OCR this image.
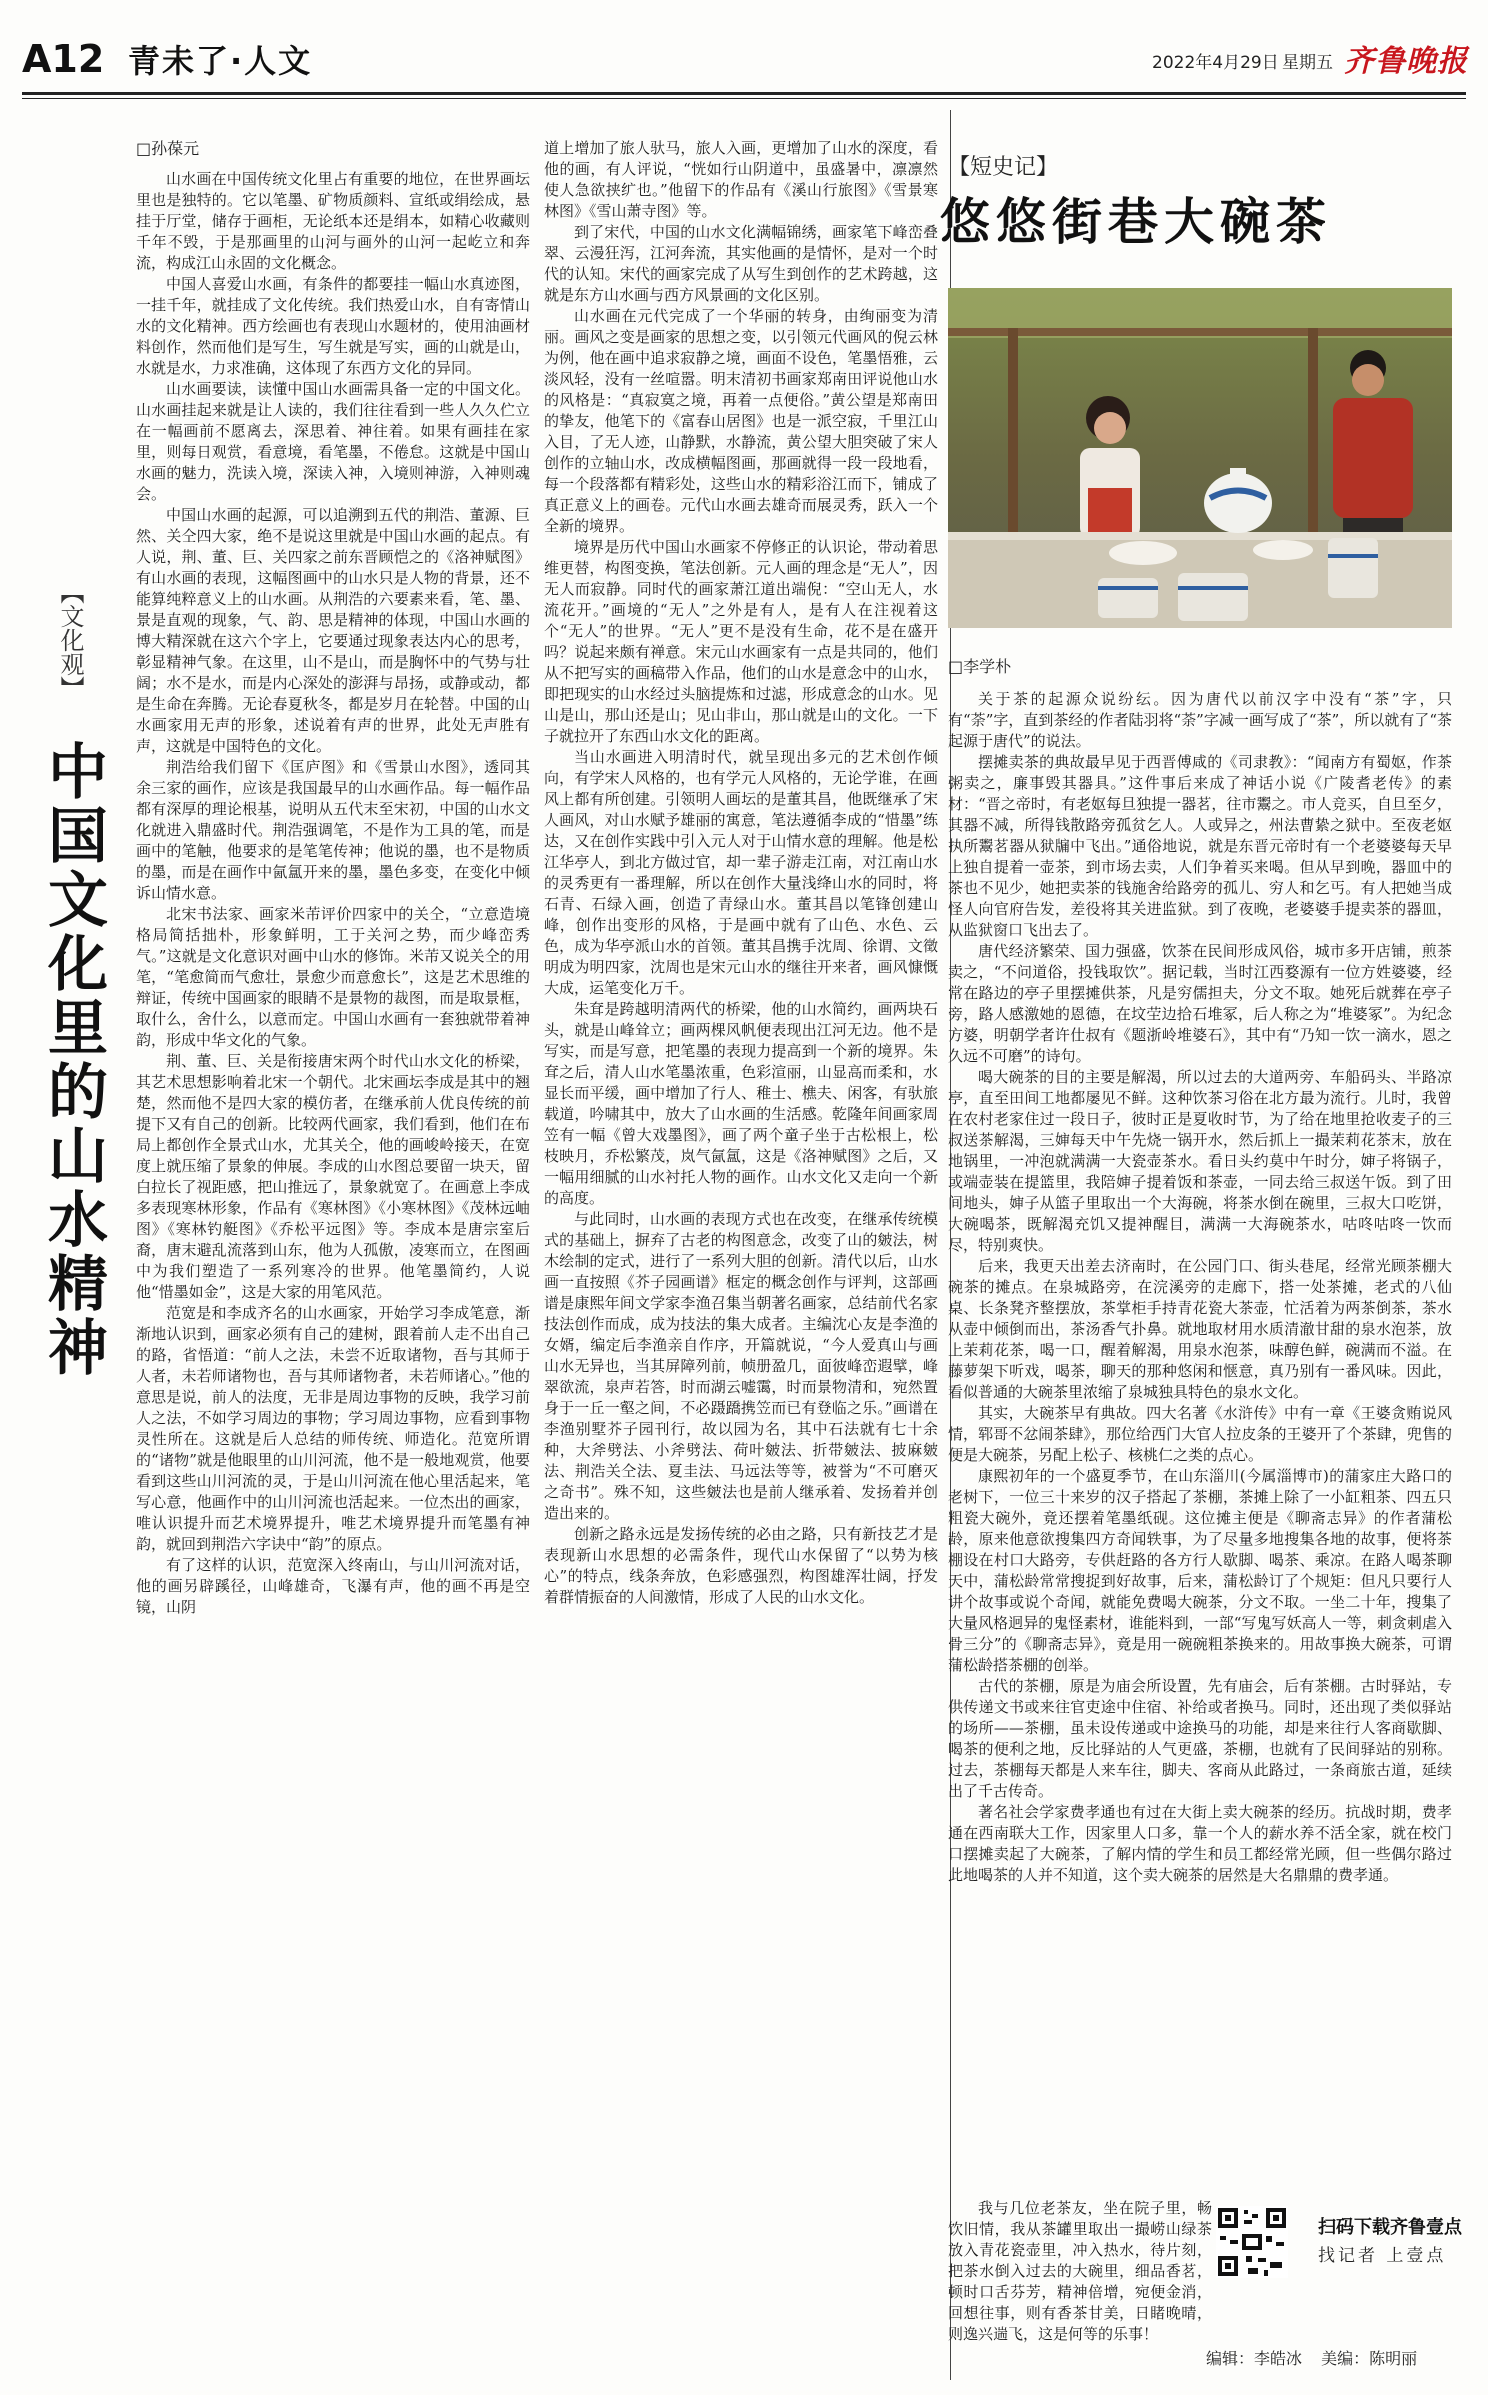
A12 青未了·人文	2022年4月29日 星期五 齐鲁晚报
【文化观】
中国文化里的山水精神

□孙葆元

山水画在中国传统文化里占有重要的地位，在世界画坛里也是独特的。它以笔墨、矿物质颜料、宣纸或绢绘成，悬挂于厅堂，储存于画柜，无论纸本还是绢本，如精心收藏则千年不毁，于是那画里的山河与画外的山河一起屹立和奔流，构成江山永固的文化概念。

中国人喜爱山水画，有条件的都要挂一幅山水真迹图，一挂千年，就挂成了文化传统。我们热爱山水，自有寄情山水的文化精神。西方绘画也有表现山水题材的，使用油画材料创作，然而他们是写生，写生就是写实，画的山就是山，水就是水，力求准确，这体现了东西方文化的异同。

山水画要读，读懂中国山水画需具备一定的中国文化。山水画挂起来就是让人读的，我们往往看到一些人久久伫立在一幅画前不愿离去，深思着、神往着。如果有画挂在家里，则每日观赏，看意境，看笔墨，不倦怠。这就是中国山水画的魅力，洗读入境，深读入神，入境则神游，入神则魂会。

中国山水画的起源，可以追溯到五代的荆浩、董源、巨然、关仝四大家，绝不是说这里就是中国山水画的起点。有人说，荆、董、巨、关四家之前东晋顾恺之的《洛神赋图》有山水画的表现，这幅图画中的山水只是人物的背景，还不能算纯粹意义上的山水画。从荆浩的六要素来看，笔、墨、景是直观的现象，气、韵、思是精神的体现，中国山水画的博大精深就在这六个字上，它要通过现象表达内心的思考，彰显精神气象。在这里，山不是山，而是胸怀中的气势与壮阔；水不是水，而是内心深处的澎湃与昂扬，或静或动，都是生命在奔腾。无论春夏秋冬，都是岁月在轮替。中国的山水画家用无声的形象，述说着有声的世界，此处无声胜有声，这就是中国特色的文化。

荆浩给我们留下《匡庐图》和《雪景山水图》，透同其余三家的画作，应该是我国最早的山水画作品。每一幅作品都有深厚的理论根基，说明从五代末至宋初，中国的山水文化就进入鼎盛时代。荆浩强调笔，不是作为工具的笔，而是画中的笔触，他要求的是笔笔传神；他说的墨，也不是物质的墨，而是在画作中氤氲开来的墨，墨色多变，在变化中倾诉山情水意。

北宋书法家、画家米芾评价四家中的关仝，“立意造境格局简括拙朴，形象鲜明，工于关河之势，而少峰峦秀气。”这就是文化意识对画中山水的修饰。米芾又说关仝的用笔，“笔愈简而气愈壮，景愈少而意愈长”，这是艺术思维的辩证，传统中国画家的眼睛不是景物的裁图，而是取景框，取什么，舍什么，以意而定。中国山水画有一套独就带着神韵，形成中华文化的气象。

荆、董、巨、关是衔接唐宋两个时代山水文化的桥梁，其艺术思想影响着北宋一个朝代。北宋画坛李成是其中的翘楚，然而他不是四大家的模仿者，在继承前人优良传统的前提下又有自己的创新。比较两代画家，我们看到，他们在布局上都创作全景式山水，尤其关仝，他的画峻岭接天，在宽度上就压缩了景象的伸展。李成的山水图总要留一块天，留白拉长了视距感，把山推远了，景象就宽了。在画意上李成多表现寒林形象，作品有《寒林图》《小寒林图》《茂林远岫图》《寒林钓艇图》《乔松平远图》等。李成本是唐宗室后裔，唐末避乱流落到山东，他为人孤傲，凌寒而立，在图画中为我们塑造了一系列寒冷的世界。他笔墨简约，人说他“惜墨如金”，这是大家的用笔风范。

范宽是和李成齐名的山水画家，开始学习李成笔意，渐渐地认识到，画家必须有自己的建树，跟着前人走不出自己的路，省悟道：“前人之法，未尝不近取诸物，吾与其师于人者，未若师诸物也，吾与其师诸物者，未若师诸心。”他的意思是说，前人的法度，无非是周边事物的反映，我学习前人之法，不如学习周边的事物；学习周边事物，应看到事物灵性所在。这就是后人总结的师传统、师造化。范宽所谓的“诸物”就是他眼里的山川河流，他不是一般地观赏，他要看到这些山川河流的灵，于是山川河流在他心里活起来，笔写心意，他画作中的山川河流也活起来。一位杰出的画家，唯认识提升而艺术境界提升，唯艺术境界提升而笔墨有神韵，就回到荆浩六字诀中“韵”的原点。

有了这样的认识，范宽深入终南山，与山川河流对话，他的画另辟蹊径，山峰雄奇，飞瀑有声，他的画不再是空镜，山阴

道上增加了旅人驮马，旅人入画，更增加了山水的深度，看他的画，有人评说，“恍如行山阴道中，虽盛暑中，凛凛然使人急欲挟纩也。”他留下的作品有《溪山行旅图》《雪景寒林图》《雪山萧寺图》等。

到了宋代，中国的山水文化满幅锦绣，画家笔下峰峦叠翠、云漫狂泻，江河奔流，其实他画的是情怀，是对一个时代的认知。宋代的画家完成了从写生到创作的艺术跨越，这就是东方山水画与西方风景画的文化区别。

山水画在元代完成了一个华丽的转身，由绚丽变为清丽。画风之变是画家的思想之变，以引领元代画风的倪云林为例，他在画中追求寂静之境，画面不设色，笔墨悟雅，云淡风轻，没有一丝喧嚣。明末清初书画家郑南田评说他山水的风格是：“真寂寞之境，再着一点便俗。”黄公望是郑南田的挚友，他笔下的《富春山居图》也是一派空寂，千里江山入目，了无人迹，山静默，水静流，黄公望大胆突破了宋人创作的立轴山水，改成横幅图画，那画就得一段一段地看，每一个段落都有精彩处，这些山水的精彩浴江而下，铺成了真正意义上的画卷。元代山水画去雄奇而展灵秀，跃入一个全新的境界。

境界是历代中国山水画家不停修正的认识论，带动着思维更替，构图变换，笔法创新。元人画的理念是“无人”，因无人而寂静。同时代的画家萧江道出端倪：“空山无人，水流花开。”画境的“无人”之外是有人，是有人在注视着这个“无人”的世界。“无人”更不是没有生命，花不是在盛开吗？说起来颇有禅意。宋元山水画家有一点是共同的，他们从不把写实的画稿带入作品，他们的山水是意念中的山水，即把现实的山水经过头脑提炼和过滤，形成意念的山水。见山是山，那山还是山；见山非山，那山就是山的文化。一下子就拉开了东西山水文化的距离。

当山水画进入明清时代，就呈现出多元的艺术创作倾向，有学宋人风格的，也有学元人风格的，无论学谁，在画风上都有所创建。引领明人画坛的是董其昌，他既继承了宋人画风，对山水赋予雄丽的寓意，笔法遵循李成的“惜墨”练达，又在创作实践中引入元人对于山情水意的理解。他是松江华亭人，到北方做过官，却一辈子游走江南，对江南山水的灵秀更有一番理解，所以在创作大量浅绛山水的同时，将石青、石绿入画，创造了青绿山水。董其昌以笔锋创建山峰，创作出变形的风格，于是画中就有了山色、水色、云色，成为华亭派山水的首领。董其昌携手沈周、徐谓、文徵明成为明四家，沈周也是宋元山水的继往开来者，画风慷慨大成，运笔变化万千。

朱耷是跨越明清两代的桥梁，他的山水简约，画两块石头，就是山峰耸立；画两棵风帆便表现出江河无边。他不是写实，而是写意，把笔墨的表现力提高到一个新的境界。朱耷之后，清人山水笔墨浓重，色彩渲丽，山显高而柔和，水显长而平缓，画中增加了行人、稚士、樵夫、闲客，有驮旅载道，吟啸其中，放大了山水画的生活感。乾隆年间画家周笠有一幅《曾大戏墨图》，画了两个童子坐于古松根上，松枝映月，乔松繁茂，岚气氤氲，这是《洛神赋图》之后，又一幅用细腻的山水衬托人物的画作。山水文化又走向一个新的高度。

与此同时，山水画的表现方式也在改变，在继承传统模式的基础上，摒弃了古老的构图意念，改变了山的皴法，树木绘制的定式，进行了一系列大胆的创新。清代以后，山水画一直按照《芥子园画谱》框定的概念创作与评判，这部画谱是康熙年间文学家李渔召集当朝著名画家，总结前代名家技法创作而成，成为技法的集大成者。主编沈心友是李渔的女婿，编定后李渔亲自作序，开篇就说，“今人爱真山与画山水无异也，当其屏障列前，帧册盈几，面彼峰峦遐擘，峰翠欲流，泉声若答，时而湖云嘘霭，时而景物清和，宛然置身于一丘一壑之间，不必蹑蹻携笠而已有登临之乐。”画谱在李渔别墅芥子园刊行，故以园为名，其中石法就有七十余种，大斧劈法、小斧劈法、荷叶皴法、折带皴法、披麻皴法、荆浩关仝法、夏圭法、马远法等等，被誉为“不可磨灭之奇书”。殊不知，这些皴法也是前人继承着、发扬着并创造出来的。

创新之路永远是发扬传统的必由之路，只有新技艺才是表现新山水思想的必需条件，现代山水保留了“以势为核心”的特点，线条奔放，色彩感强烈，构图雄浑壮阔，抒发着群情振奋的人间激情，形成了人民的山水文化。

【短史记】
悠悠街巷大碗茶

□李学朴

关于茶的起源众说纷纭。因为唐代以前汉字中没有“茶”字，只有“荼”字，直到茶经的作者陆羽将“荼”字减一画写成了“茶”，所以就有了“茶起源于唐代”的说法。

摆摊卖茶的典故最早见于西晋傅咸的《司隶教》：“闻南方有蜀妪，作茶粥卖之，廉事毁其器具。”这件事后来成了神话小说《广陵耆老传》的素材：“晋之帝时，有老妪每旦独提一器茗，往市鬻之。市人竞买，自旦至夕，其器不减，所得钱散路旁孤贫乞人。人或异之，州法曹絷之狱中。至夜老妪执所鬻茗器从狱牖中飞出。”通俗地说，就是东晋元帝时有一个老婆婆每天早上独自提着一壶茶，到市场去卖，人们争着买来喝。但从早到晚，器皿中的茶也不见少，她把卖茶的钱施舍给路旁的孤儿、穷人和乞丐。有人把她当成怪人向官府告发，差役将其关进监狱。到了夜晚，老婆婆手提卖茶的器皿，从监狱窗口飞出去了。

唐代经济繁荣、国力强盛，饮茶在民间形成风俗，城市多开店铺，煎茶卖之，“不问道俗，投钱取饮”。据记载，当时江西婺源有一位方姓婆婆，经常在路边的亭子里摆摊供茶，凡是穷儒担夫，分文不取。她死后就葬在亭子旁，路人感激她的恩德，在坟茔边拾石堆冢，后人称之为“堆婆冢”。为纪念方婆，明朝学者许仕叔有《题浙岭堆婆石》，其中有“乃知一饮一滴水，恩之久远不可磨”的诗句。

喝大碗茶的目的主要是解渴，所以过去的大道两旁、车船码头、半路凉亭，直至田间工地都屡见不鲜。这种饮茶习俗在北方最为流行。儿时，我曾在农村老家住过一段日子，彼时正是夏收时节，为了给在地里抢收麦子的三叔送茶解渴，三婶每天中午先烧一锅开水，然后抓上一撮茉莉花茶末，放在地锅里，一冲泡就满满一大瓷壶茶水。看日头约莫中午时分，婶子将锅子，或端壶装在提篮里，我陪婶子提着饭和茶壶，一同去给三叔送午饭。到了田间地头，婶子从篮子里取出一个大海碗，将茶水倒在碗里，三叔大口吃饼，大碗喝茶，既解渴充饥又提神醒目，满满一大海碗茶水，咕咚咕咚一饮而尽，特别爽快。

后来，我更天出差去济南时，在公园门口、街头巷尾，经常光顾茶棚大碗茶的摊点。在泉城路旁，在浣溪旁的走廊下，搭一处茶摊，老式的八仙桌、长条凳齐整摆放，茶掌柜手持青花瓷大茶壶，忙活着为两茶倒茶，茶水从壶中倾倒而出，茶汤香气扑鼻。就地取材用水质清澈甘甜的泉水泡茶，放上茉莉花茶，喝一口，醒着解渴，用泉水泡茶，味醇色鲜，碗满而不溢。在藤萝架下听戏，喝茶，聊天的那种悠闲和惬意，真乃别有一番风味。因此，看似普通的大碗茶里浓缩了泉城独具特色的泉水文化。

其实，大碗茶早有典故。四大名著《水浒传》中有一章《王婆贪贿说风情，郓哥不忿闹茶肆》，那位给西门大官人拉皮条的王婆开了个茶肆，兜售的便是大碗茶，另配上松子、核桃仁之类的点心。

康熙初年的一个盛夏季节，在山东淄川(今属淄博市)的蒲家庄大路口的老树下，一位三十来岁的汉子搭起了茶棚，茶摊上除了一小缸粗茶、四五只粗瓷大碗外，竟还摆着笔墨纸砚。这位摊主便是《聊斋志异》的作者蒲松龄，原来他意欲搜集四方奇闻轶事，为了尽量多地搜集各地的故事，便将茶棚设在村口大路旁，专供赶路的各方行人歇脚、喝茶、乘凉。在路人喝茶聊天中，蒲松龄常常搜捉到好故事，后来，蒲松龄订了个规矩：但凡只要行人讲个故事或说个奇闻，就能免费喝大碗茶，分文不取。一坐二十年，搜集了大量风格迥异的鬼怪素材，谁能料到，一部“写鬼写妖高人一等，刺贪刺虐入骨三分”的《聊斋志异》，竟是用一碗碗粗茶换来的。用故事换大碗茶，可谓蒲松龄搭茶棚的创举。

古代的茶棚，原是为庙会所设置，先有庙会，后有茶棚。古时驿站，专供传递文书或来往官吏途中住宿、补给或者换马。同时，还出现了类似驿站的场所——茶棚，虽未设传递或中途换马的功能，却是来往行人客商歇脚、喝茶的便利之地，反比驿站的人气更盛，茶棚，也就有了民间驿站的别称。过去，茶棚每天都是人来车往，脚夫、客商从此路过，一条商旅古道，延续出了千古传奇。

著名社会学家费孝通也有过在大街上卖大碗茶的经历。抗战时期，费孝通在西南联大工作，因家里人口多，靠一个人的薪水养不活全家，就在校门口摆摊卖起了大碗茶，了解内情的学生和员工都经常光顾，但一些偶尔路过此地喝茶的人并不知道，这个卖大碗茶的居然是大名鼎鼎的费孝通。

我与几位老茶友，坐在院子里，畅饮旧情，我从茶罐里取出一撮崂山绿茶放入青花瓷壶里，冲入热水，待片刻，把茶水倒入过去的大碗里，细品香茗，顿时口舌芬芳，精神倍增，宛便金消，回想往事，则有香茶甘美，日睹晚晴，则逸兴遄飞，这是何等的乐事！

扫码下载齐鲁壹点
找记者 上壹点
编辑：李皓冰 美编：陈明丽
